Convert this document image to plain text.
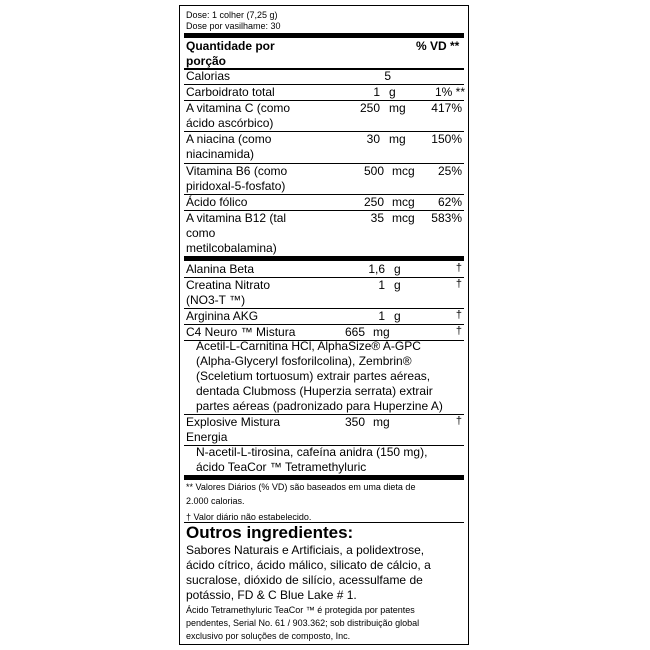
Dose: 1 colher (7,25 g)
Dose por vasilhame: 30
Quantidade por
porção
% VD **
Calorias	5
Carboidrato total	1 g	1% **
A vitamina C (como
ácido ascórbico)
250 mg 417%
A niacina (como
niacinamida)
30 mg 150%
Vitamina B6 (como
piridoxal-5-fosfato)
500 mcg 25%
Ácido fólico	250 mcg 62%
A vitamina B12 (tal
como
metilcobalamina)
35 mcg 583%
Alanina Beta	1,6 g	†
Creatina Nitrato
(NO3-T ™)
1 g	†
Arginina AKG	1 g	†
C4 Neuro ™ Mistura	665 mg	†
Acetil-L-Carnitina HCl, AlphaSize® A-GPC
(Alpha-Glyceryl fosforilcolina), Zembrin®
(Sceletium tortuosum) extrair partes aéreas,
dentada Clubmoss (Huperzia serrata) extrair
partes aéreas (padronizado para Huperzine A)
Explosive Mistura
Energia
350 mg	†
N-acetil-L-tirosina, cafeína anidra (150 mg),
ácido TeaCor ™ Tetramethyluric
** Valores Diários (% VD) são baseados em uma dieta de
2.000 calorias.
† Valor diário não estabelecido.
Outros ingredientes:
Sabores Naturais e Artificiais, a polidextrose,
ácido cítrico, ácido málico, silicato de cálcio, a
sucralose, dióxido de silício, acessulfame de
potássio, FD & C Blue Lake # 1.
Ácido Tetramethyluric TeaCor ™ é protegida por patentes
pendentes, Serial No. 61 / 903.362; sob distribuição global
exclusivo por soluções de composto, Inc.
